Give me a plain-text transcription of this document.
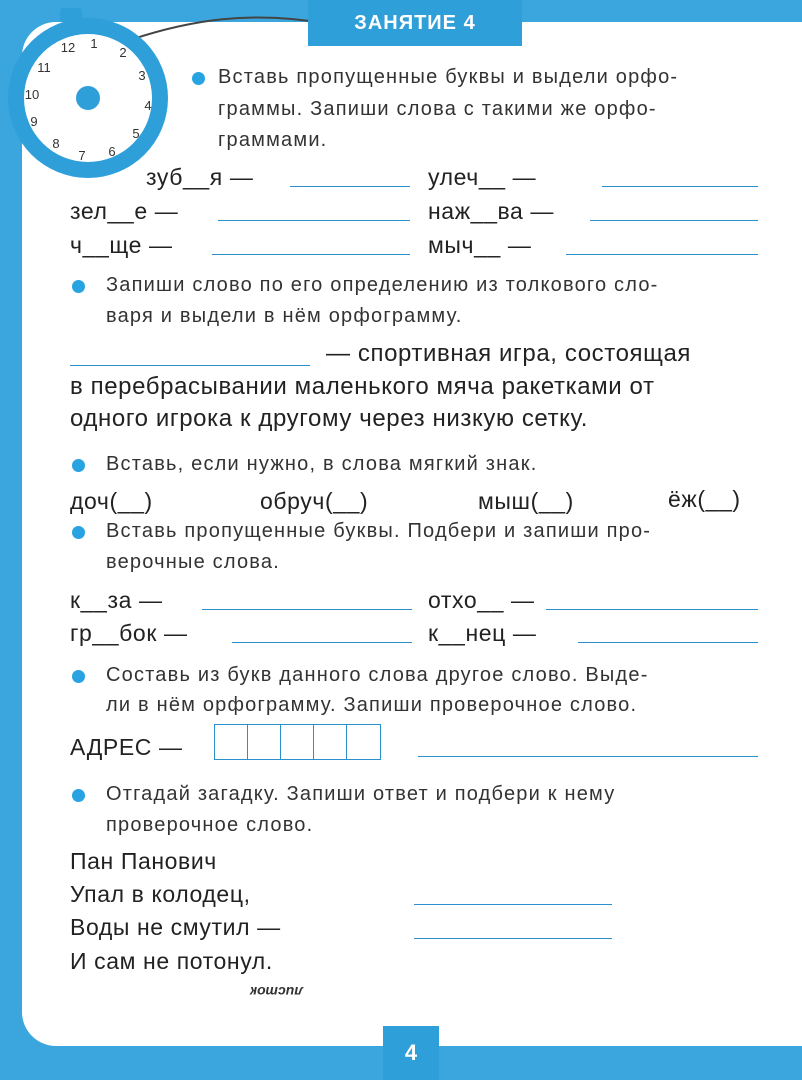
12 1
2
3
4
5
6
7
8
9
10
11
ЗАНЯТИЕ 4
Вставь пропущенные буквы и выдели орфо-
граммы. Запиши слова с такими же орфо-
граммами.
зуб__я —	улеч__ —
зел__е —	наж__ва —
ч__ще —	мыч__ —
Запиши слово по его определению из толкового сло-
варя и выдели в нём орфограмму.
— спортивная игра, состоящая
в перебрасывании маленького мяча ракетками от
одного игрока к другому через низкую сетку.
Вставь, если нужно, в слова мягкий знак.
доч(__)	обруч(__)	мыш(__)	ёж(__)
Вставь пропущенные буквы. Подбери и запиши про-
верочные слова.
к__за —	отхо__ —
гр__бок —	к__нец —
Составь из букв данного слова другое слово. Выде-
ли в нём орфограмму. Запиши проверочное слово.
АДРЕС —
Отгадай загадку. Запиши ответ и подбери к нему
проверочное слово.
Пан Панович
Упал в колодец,
Воды не смутил —
И сам не потонул.
листок
4
